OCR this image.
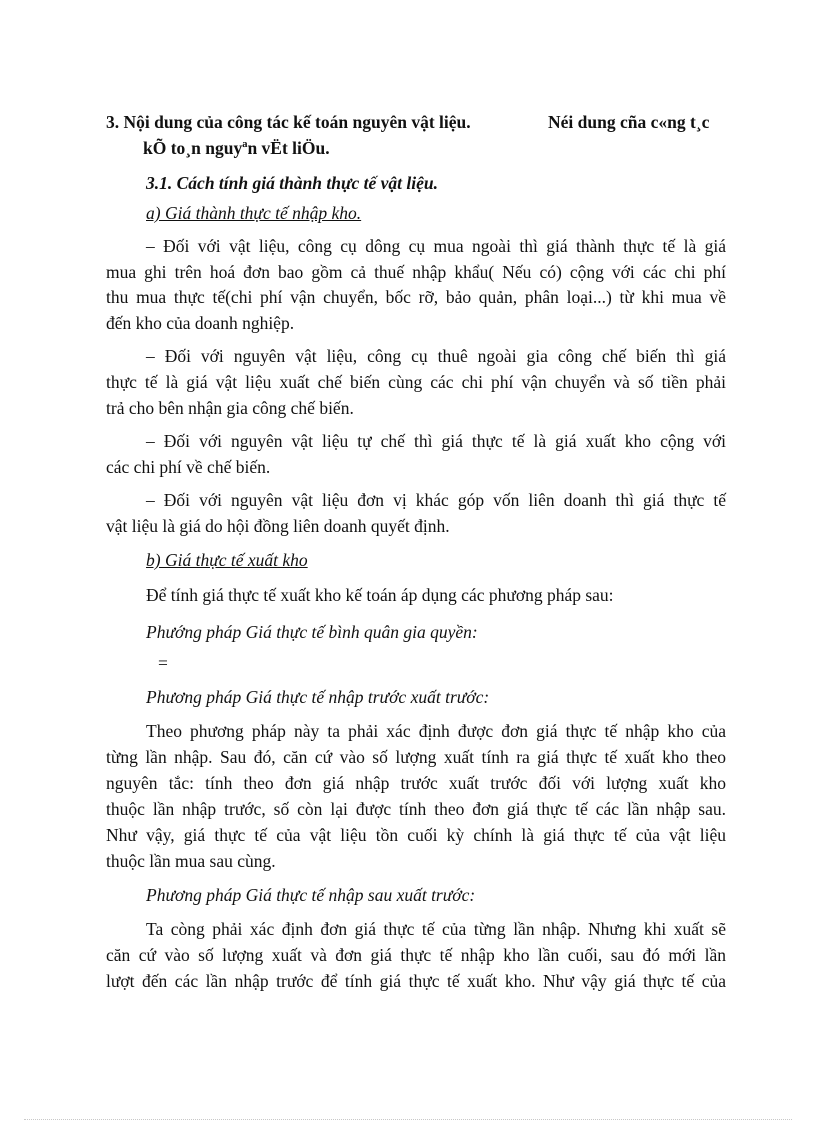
3. Nội dung của công tác kế toán nguyên vật liệu.	Néi dung cña c«ng t¸c
kÕ to¸n nguyªn vËt liÖu.
3.1. Cách tính giá thành thực tế vật liệu.
a) Giá thành thực tế nhập kho.
– Đối với vật liệu, công cụ dông cụ mua ngoài thì giá thành thực tế là giá
mua ghi trên hoá đơn bao gồm cả thuế nhập khẩu( Nếu có) cộng với các chi phí
thu mua thực tế(chi phí vận chuyển, bốc rỡ, bảo quản, phân loại...) từ khi mua về
đến kho của doanh nghiệp.
– Đối với nguyên vật liệu, công cụ thuê ngoài gia công chế biến thì giá
thực tế là giá vật liệu xuất chế biến cùng các chi phí vận chuyển và số tiền phải
trả cho bên nhận gia công chế biến.
– Đối với nguyên vật liệu tự chế thì giá thực tế là giá xuất kho cộng với
các chi phí về chế biến.
– Đối với nguyên vật liệu đơn vị khác góp vốn liên doanh thì giá thực tế
vật liệu là giá do hội đồng liên doanh quyết định.
b) Giá thực tế xuất kho
Để tính giá thực tế xuất kho kế toán áp dụng các phương pháp sau:
Phướng pháp Giá thực tế bình quân gia quyền:
=
Phương pháp Giá thực tế nhập trước xuất trước:
Theo phương pháp này ta phải xác định được đơn giá thực tế nhập kho của
từng lần nhập. Sau đó, căn cứ vào số lượng xuất tính ra giá thực tế xuất kho theo
nguyên tắc: tính theo đơn giá nhập trước xuất trước đối với lượng xuất kho
thuộc lần nhập trước, số còn lại được tính theo đơn giá thực tế các lần nhập sau.
Như vậy, giá thực tế của vật liệu tồn cuối kỳ chính là giá thực tế của vật liệu
thuộc lần mua sau cùng.
Phương pháp Giá thực tế nhập sau xuất trước:
Ta còng phải xác định đơn giá thực tế của từng lần nhập. Nhưng khi xuất sẽ
căn cứ vào số lượng xuất và đơn giá thực tế nhập kho lần cuối, sau đó mới lần
lượt đến các lần nhập trước để tính giá thực tế xuất kho. Như vậy giá thực tế của
